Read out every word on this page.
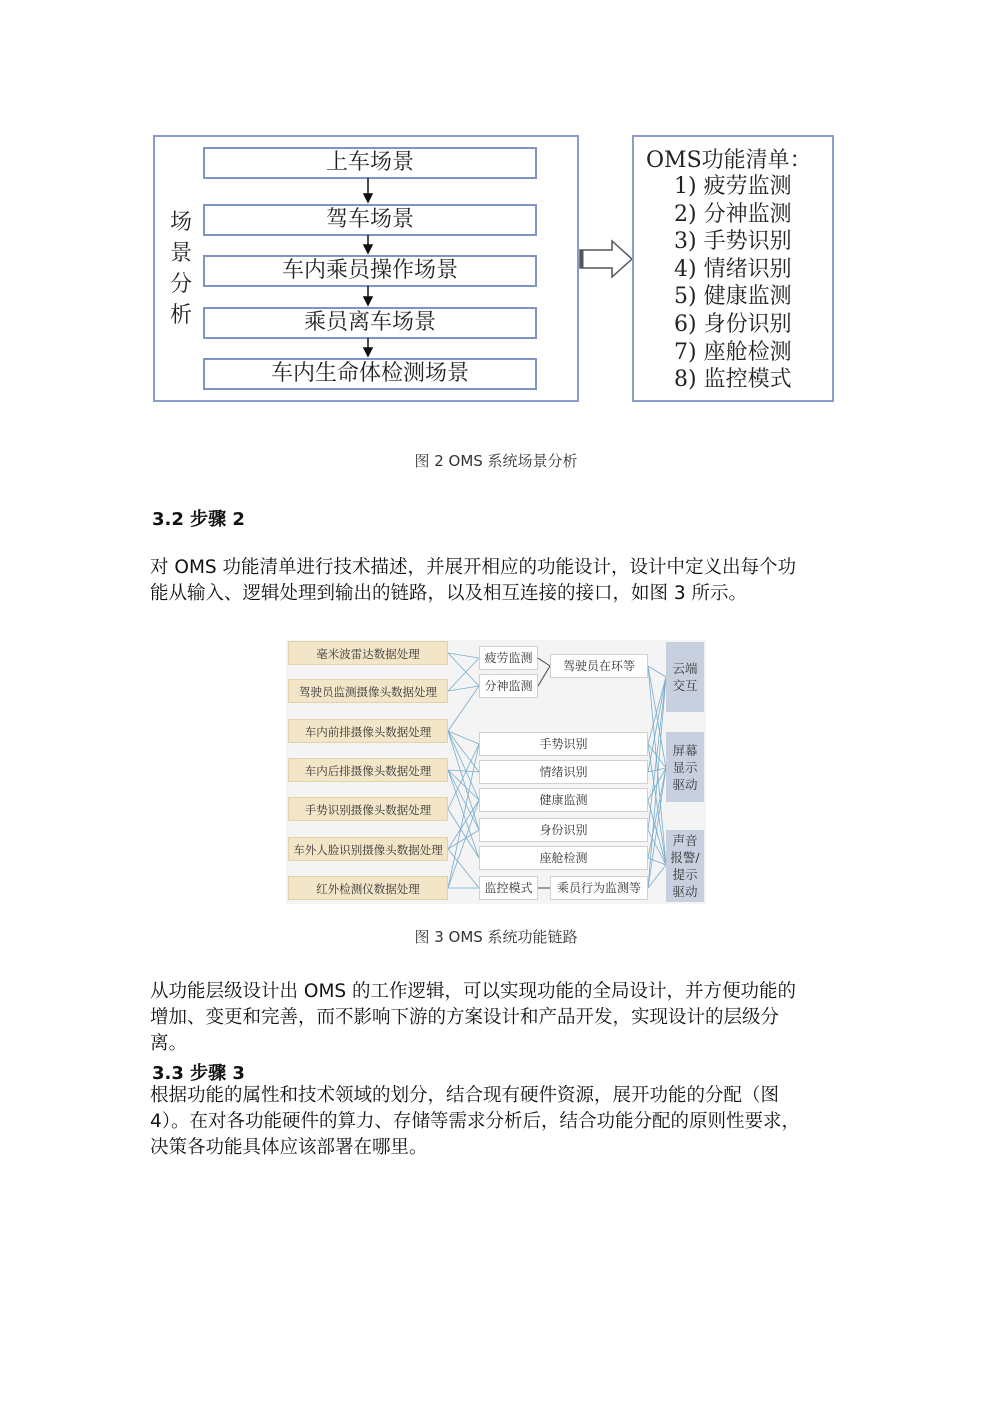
场
景
分
析
上车场景
驾车场景
车内乘员操作场景
乘员离车场景
车内生命体检测场景
OMS功能清单：
1) 疲劳监测
2) 分神监测
3) 手势识别
4) 情绪识别
5) 健康监测
6) 身份识别
7) 座舱检测
8) 监控模式
图 2 OMS 系统场景分析
3.2 步骤 2
对 OMS 功能清单进行技术描述，并展开相应的功能设计，设计中定义出每个功
能从输入、逻辑处理到输出的链路，以及相互连接的接口，如图 3 所示。
毫米波雷达数据处理
驾驶员监测摄像头数据处理
车内前排摄像头数据处理
车内后排摄像头数据处理
手势识别摄像头数据处理
车外人脸识别摄像头数据处理
红外检测仪数据处理
疲劳监测
分神监测
驾驶员在环等
手势识别
情绪识别
健康监测
身份识别
座舱检测
监控模式	乘员行为监测等
云端
交互
屏幕
显示
驱动
声音
报警/
提示
驱动
图 3 OMS 系统功能链路
从功能层级设计出 OMS 的工作逻辑，可以实现功能的全局设计，并方便功能的
增加、变更和完善，而不影响下游的方案设计和产品开发，实现设计的层级分
离。
3.3 步骤 3
根据功能的属性和技术领域的划分，结合现有硬件资源，展开功能的分配（图
4）。在对各功能硬件的算力、存储等需求分析后，结合功能分配的原则性要求，
决策各功能具体应该部署在哪里。
